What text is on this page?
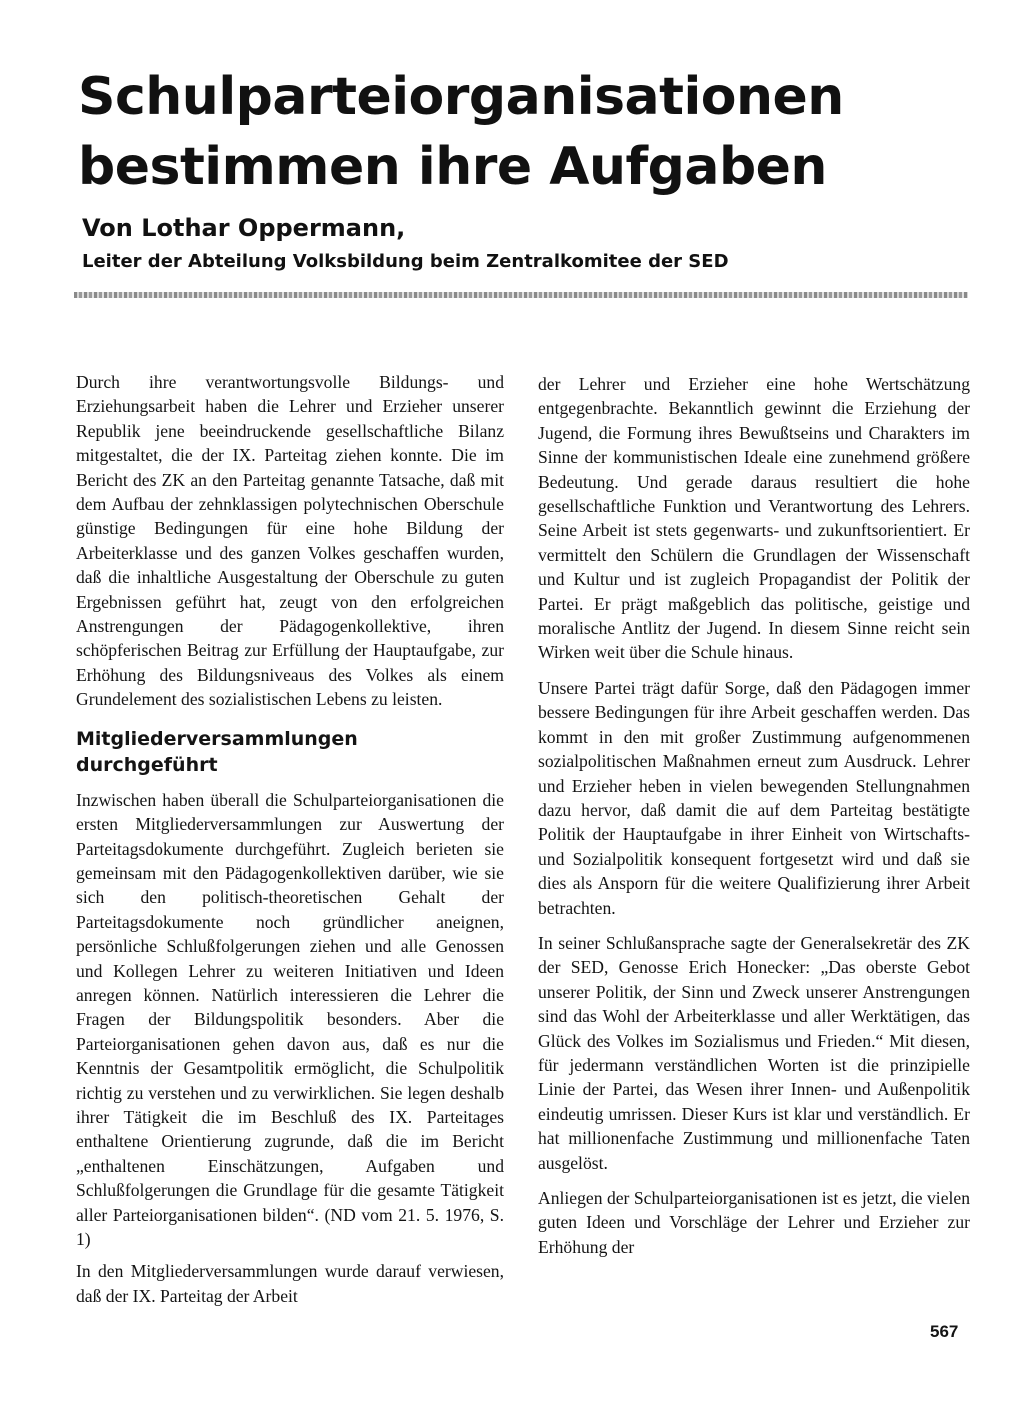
Schulparteiorganisationen
bestimmen ihre Aufgaben
Von Lothar Oppermann,
Leiter der Abteilung Volksbildung beim Zentralkomitee der SED

Durch ihre verantwortungsvolle Bildungs- und Erziehungsarbeit haben die Lehrer und Erzieher unserer Republik jene beeindruckende gesellschaftliche Bilanz mitgestaltet, die der IX. Parteitag ziehen konnte. Die im Bericht des ZK an den Parteitag genannte Tatsache, daß mit dem Aufbau der zehnklassigen polytechnischen Oberschule günstige Bedingungen für eine hohe Bildung der Arbeiterklasse und des ganzen Volkes geschaffen wurden, daß die inhaltliche Ausgestaltung der Oberschule zu guten Ergebnissen geführt hat, zeugt von den erfolgreichen Anstrengungen der Pädagogenkollektive, ihren schöpferischen Beitrag zur Erfüllung der Hauptaufgabe, zur Erhöhung des Bildungsniveaus des Volkes als einem Grundelement des sozialistischen Lebens zu leisten.

Mitgliederversammlungen durchgeführt

Inzwischen haben überall die Schulparteiorganisationen die ersten Mitgliederversammlungen zur Auswertung der Parteitagsdokumente durchgeführt. Zugleich berieten sie gemeinsam mit den Pädagogenkollektiven darüber, wie sie sich den politisch-theoretischen Gehalt der Parteitagsdokumente noch gründlicher aneignen, persönliche Schlußfolgerungen ziehen und alle Genossen und Kollegen Lehrer zu weiteren Initiativen und Ideen anregen können. Natürlich interessieren die Lehrer die Fragen der Bildungspolitik besonders. Aber die Parteiorganisationen gehen davon aus, daß es nur die Kenntnis der Gesamtpolitik ermöglicht, die Schulpolitik richtig zu verstehen und zu verwirklichen. Sie legen deshalb ihrer Tätigkeit die im Beschluß des IX. Parteitages enthaltene Orientierung zugrunde, daß die im Bericht „enthaltenen Einschätzungen, Aufgaben und Schlußfolgerungen die Grundlage für die gesamte Tätigkeit aller Parteiorganisationen bilden“. (ND vom 21. 5. 1976, S. 1)

In den Mitgliederversammlungen wurde darauf verwiesen, daß der IX. Parteitag der Arbeit

der Lehrer und Erzieher eine hohe Wertschätzung entgegenbrachte. Bekanntlich gewinnt die Erziehung der Jugend, die Formung ihres Bewußtseins und Charakters im Sinne der kommunistischen Ideale eine zunehmend größere Bedeutung. Und gerade daraus resultiert die hohe gesellschaftliche Funktion und Verantwortung des Lehrers. Seine Arbeit ist stets gegenwarts- und zukunftsorientiert. Er vermittelt den Schülern die Grundlagen der Wissenschaft und Kultur und ist zugleich Propagandist der Politik der Partei. Er prägt maßgeblich das politische, geistige und moralische Antlitz der Jugend. In diesem Sinne reicht sein Wirken weit über die Schule hinaus.

Unsere Partei trägt dafür Sorge, daß den Pädagogen immer bessere Bedingungen für ihre Arbeit geschaffen werden. Das kommt in den mit großer Zustimmung aufgenommenen sozialpolitischen Maßnahmen erneut zum Ausdruck. Lehrer und Erzieher heben in vielen bewegenden Stellungnahmen dazu hervor, daß damit die auf dem Parteitag bestätigte Politik der Hauptaufgabe in ihrer Einheit von Wirtschafts- und Sozialpolitik konsequent fortgesetzt wird und daß sie dies als Ansporn für die weitere Qualifizierung ihrer Arbeit betrachten.

In seiner Schlußansprache sagte der Generalsekretär des ZK der SED, Genosse Erich Honecker: „Das oberste Gebot unserer Politik, der Sinn und Zweck unserer Anstrengungen sind das Wohl der Arbeiterklasse und aller Werktätigen, das Glück des Volkes im Sozialismus und Frieden.“ Mit diesen, für jedermann verständlichen Worten ist die prinzipielle Linie der Partei, das Wesen ihrer Innen- und Außenpolitik eindeutig umrissen. Dieser Kurs ist klar und verständlich. Er hat millionenfache Zustimmung und millionenfache Taten ausgelöst.

Anliegen der Schulparteiorganisationen ist es jetzt, die vielen guten Ideen und Vorschläge der Lehrer und Erzieher zur Erhöhung der

567
